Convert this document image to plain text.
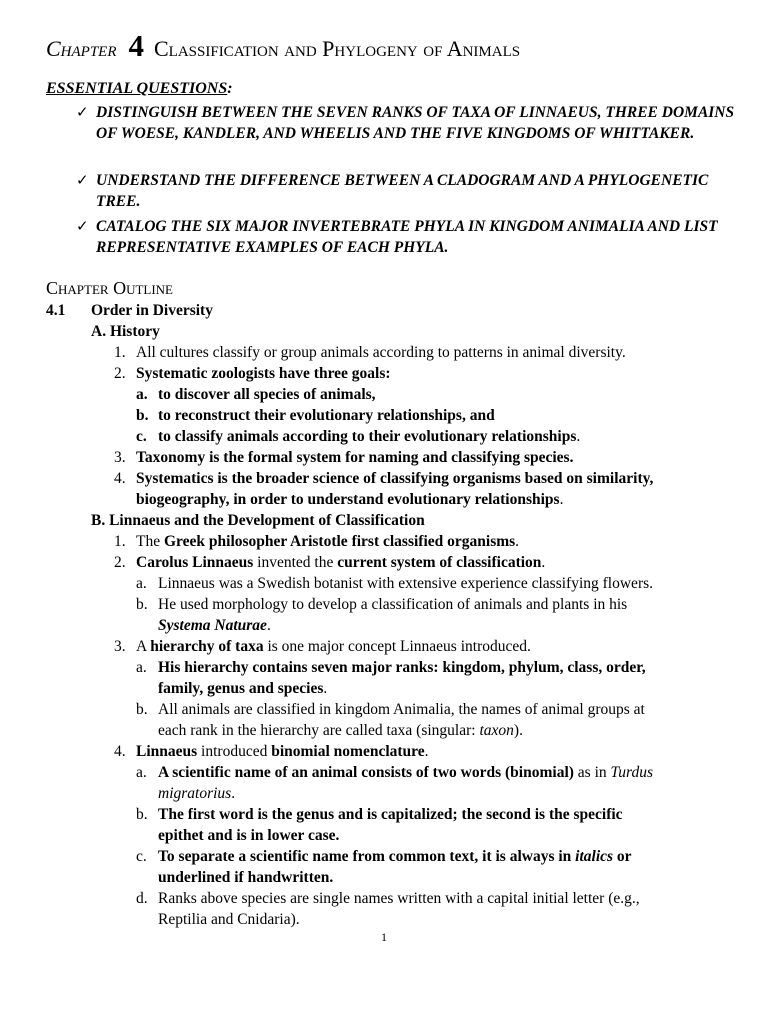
Chapter 4 Classification and Phylogeny of Animals
ESSENTIAL QUESTIONS:
✓ DISTINGUISH BETWEEN THE SEVEN RANKS OF TAXA OF LINNAEUS, THREE DOMAINS OF WOESE, KANDLER, AND WHEELIS AND THE FIVE KINGDOMS OF WHITTAKER.
✓ UNDERSTAND THE DIFFERENCE BETWEEN A CLADOGRAM AND A PHYLOGENETIC TREE.
✓ CATALOG THE SIX MAJOR INVERTEBRATE PHYLA IN KINGDOM ANIMALIA AND LIST REPRESENTATIVE EXAMPLES OF EACH PHYLA.
Chapter Outline
4.1 Order in Diversity
A. History
1. All cultures classify or group animals according to patterns in animal diversity.
2. Systematic zoologists have three goals:
a. to discover all species of animals,
b. to reconstruct their evolutionary relationships, and
c. to classify animals according to their evolutionary relationships.
3. Taxonomy is the formal system for naming and classifying species.
4. Systematics is the broader science of classifying organisms based on similarity,
biogeography, in order to understand evolutionary relationships.
B. Linnaeus and the Development of Classification
1. The Greek philosopher Aristotle first classified organisms.
2. Carolus Linnaeus invented the current system of classification.
a. Linnaeus was a Swedish botanist with extensive experience classifying flowers.
b. He used morphology to develop a classification of animals and plants in his
Systema Naturae.
3. A hierarchy of taxa is one major concept Linnaeus introduced.
a. His hierarchy contains seven major ranks: kingdom, phylum, class, order,
family, genus and species.
b. All animals are classified in kingdom Animalia, the names of animal groups at
each rank in the hierarchy are called taxa (singular: taxon).
4. Linnaeus introduced binomial nomenclature.
a. A scientific name of an animal consists of two words (binomial) as in Turdus
migratorius.
b. The first word is the genus and is capitalized; the second is the specific
epithet and is in lower case.
c. To separate a scientific name from common text, it is always in italics or
underlined if handwritten.
d. Ranks above species are single names written with a capital initial letter (e.g.,
Reptilia and Cnidaria).
1
